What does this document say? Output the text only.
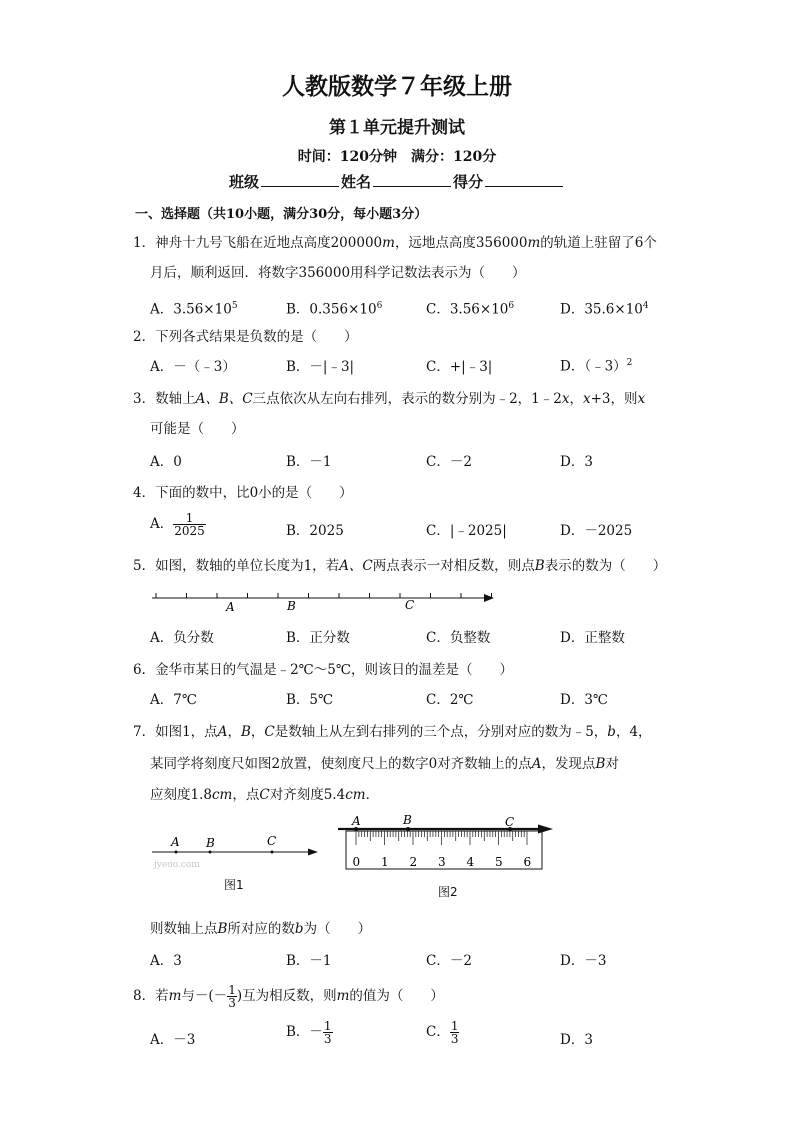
人教版数学７年级上册
第１单元提升测试
时间：120分钟　满分：120分
班级	姓名	得分
一、选择题（共10小题，满分30分，每小题3分）
1．神舟十九号飞船在近地点高度200000m，远地点高度356000m的轨道上驻留了6个
月后，顺利返回．将数字356000用科学记数法表示为（　　）
A．$3.56\times 10^5$	B．$0.356\times 10^6$	C．$3.56\times 10^6$	D．$35.6\times 10^4$
2．下列各式结果是负数的是（　　）
A．－（﹣3）	B．－|﹣3|	C．+|﹣3|	D．（﹣3）$^2$
3．数轴上A、B、C三点依次从左向右排列，表示的数分别为﹣2，1﹣2x，x+3，则x
可能是（　　）
A．0	B．－1	C．－2	D．3
4．下面的数中，比0小的是（　　）
A． $\frac{1}{2025}$	B．2025	C．|﹣2025|	D．－2025
5．如图，数轴的单位长度为1，若A、C两点表示一对相反数，则点B表示的数为（　　）
A	B	C
A．负分数	B．正分数	C．负整数	D．正整数
6．金华市某日的气温是﹣2℃～5℃，则该日的温差是（　　）
A．7℃	B．5℃	C．2℃	D．3℃
7．如图1，点A，B，C是数轴上从左到右排列的三个点，分别对应的数为﹣5，b，4，
某同学将刻度尺如图2放置，使刻度尺上的数字0对齐数轴上的点A，发现点B对
应刻度1.8cm，点C对齐刻度5.4cm．
A B	C
jyeoo.com
图1
A	B	C
0 1 2 3 4 5 6
图2
则数轴上点B所对应的数b为（　　）
A．3	B．－1	C．－2	D．－3
8．若m与－(－ $\frac{1}{3}$ )互为相反数，则m的值为（　　）
A．－3	B．－ $\frac{1}{3}$	C． $\frac{1}{3}$	D．3
